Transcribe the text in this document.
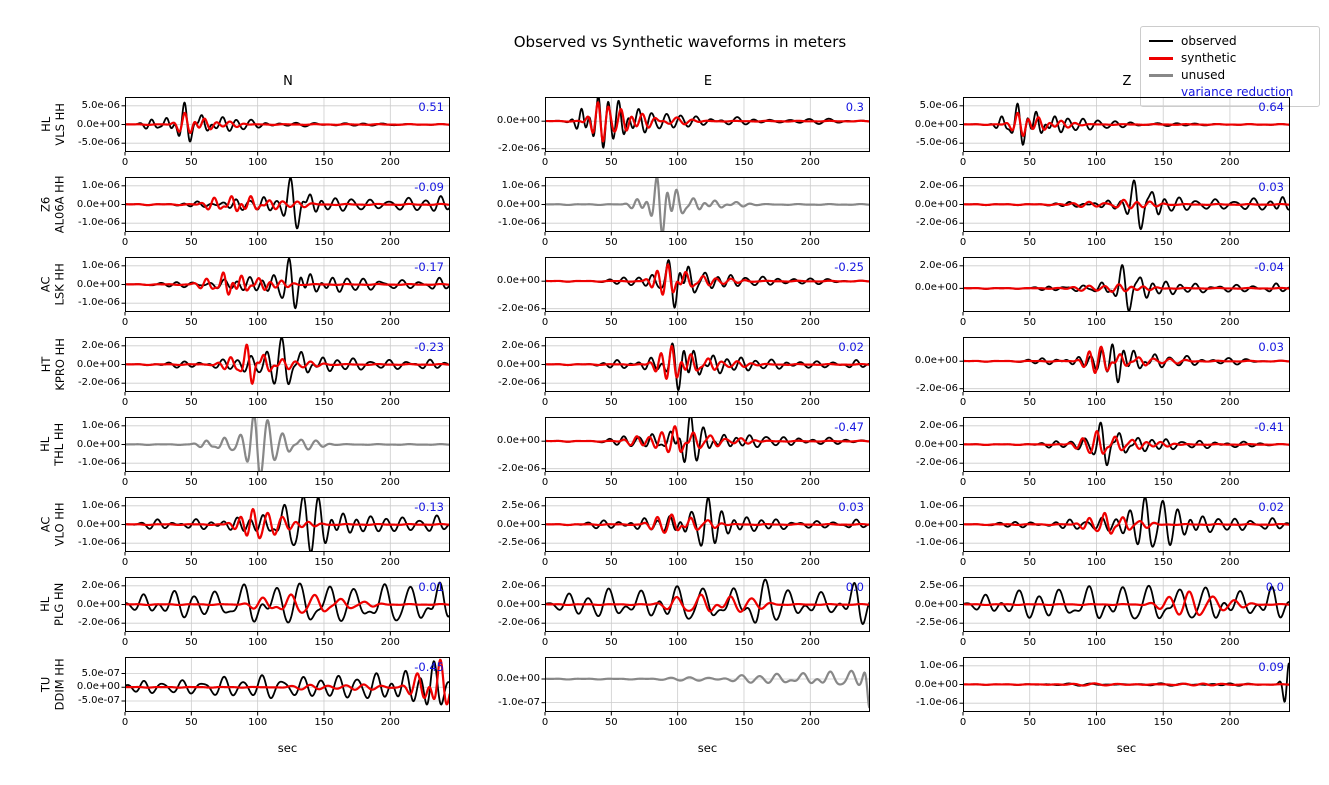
Observed vs Synthetic waveforms in meters
N	E	Z
observed
synthetic
unused
variance reduction
HL VLS HH	5.0e-06
0.0e+00
-5.0e-06
0.51
0	50	100	150	200
0.0e+00
-2.0e-06
0.3
0	50	100	150	200
5.0e-06
0.0e+00
-5.0e-06
0.64
0	50	100	150	200
Z6 AL06A HH	1.0e-06
0.0e+00
-1.0e-06
-0.09
0	50	100	150	200
1.0e-06
0.0e+00
-1.0e-06
0	50	100	150	200
2.0e-06
0.0e+00
-2.0e-06
0.03
0	50	100	150	200
AC LSK HH	1.0e-06
0.0e+00
-1.0e-06
-0.17
0	50	100	150	200
0.0e+00
-2.0e-06
-0.25
0	50	100	150	200
2.0e-06
0.0e+00
-0.04
0	50	100	150	200
HT KPRO HH	2.0e-06
0.0e+00
-2.0e-06
-0.23
0	50	100	150	200
2.0e-06
0.0e+00
-2.0e-06
0.02
0	50	100	150	200
0.0e+00
-2.0e-06
0.03
0	50	100	150	200
HL THL HH	1.0e-06
0.0e+00
-1.0e-06
0	50	100	150	200
0.0e+00
-2.0e-06
-0.47
0	50	100	150	200
2.0e-06
0.0e+00
-2.0e-06
-0.41
0	50	100	150	200
AC VLO HH	1.0e-06
0.0e+00
-1.0e-06
-0.13
0	50	100	150	200
2.5e-06
0.0e+00
-2.5e-06
0.03
0	50	100	150	200
1.0e-06
0.0e+00
-1.0e-06
0.02
0	50	100	150	200
HL PLG HN	2.0e-06
0.0e+00
-2.0e-06
0.01
0	50	100	150	200
2.0e-06
0.0e+00
-2.0e-06
0.0
0	50	100	150	200
2.5e-06
0.0e+00
-2.5e-06
0.0
0	50	100	150	200
TU DDIM HH	5.0e-07
0.0e+00
-5.0e-07
-0.45
0	50	100	150	200
sec
0.0e+00
-1.0e-07
0	50	100	150	200
sec
1.0e-06
0.0e+00
-1.0e-06
0.09
0	50	100	150	200
sec
